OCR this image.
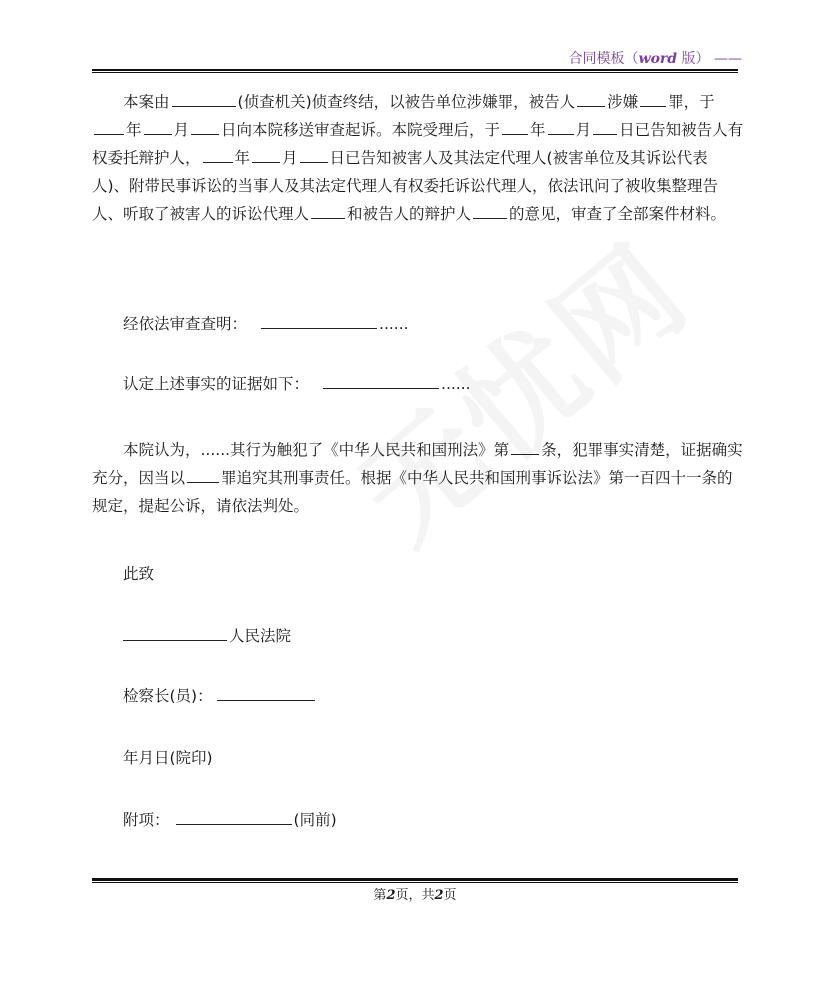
合同模板（word 版） ——

本案由	(侦查机关)侦查终结，以被告单位涉嫌罪，被告人 涉嫌 罪，于年 月 日向本院移送审查起诉。本院受理后，于 年 月 日已告知被告人有权委托辩护人， 年 月 日已告知被害人及其法定代理人(被害单位及其诉讼代表人)、附带民事诉讼的当事人及其法定代理人有权委托诉讼代理人，依法讯问了被收集整理告人、听取了被害人的诉讼代理人 和被告人的辩护人 的意见，审查了全部案件材料。

经依法审查查明：	......
认定上述事实的证据如下：	......

本院认为，......其行为触犯了《中华人民共和国刑法》第 条，犯罪事实清楚，证据确实充分，因当以 罪追究其刑事责任。根据《中华人民共和国刑事诉讼法》第一百四十一条的规定，提起公诉，请依法判处。

此致
人民法院
检察长(员)：
年月日(院印)
附项：	(同前)
第2页，共2页
